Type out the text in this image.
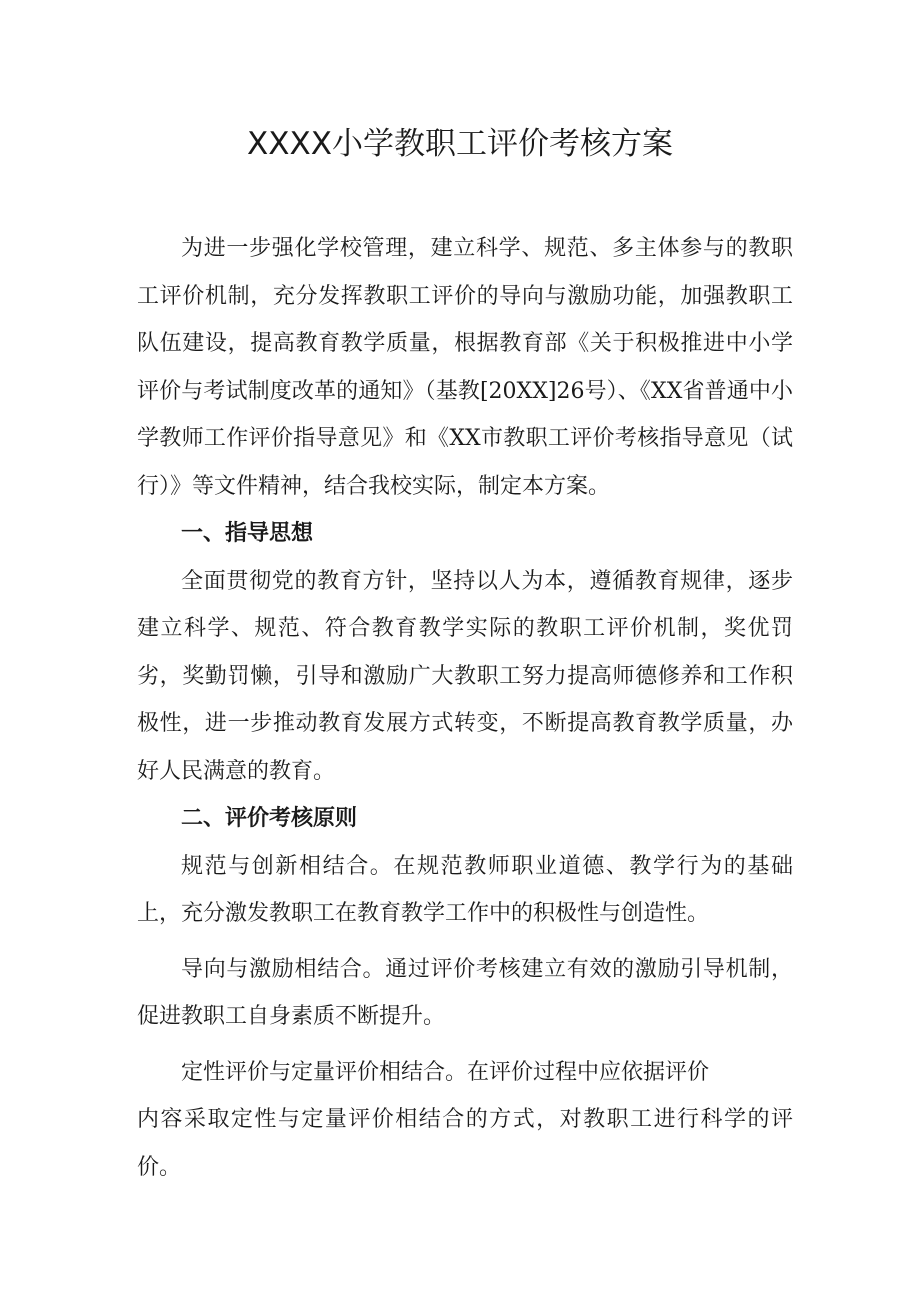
XXXX小学教职工评价考核方案

为进一步强化学校管理，建立科学、规范、多主体参与的教职工评价机制，充分发挥教职工评价的导向与激励功能，加强教职工队伍建设，提高教育教学质量，根据教育部《关于积极推进中小学评价与考试制度改革的通知》（基教[20XX]26号）、《XX省普通中小学教师工作评价指导意见》和《XX市教职工评价考核指导意见（试行）》等文件精神，结合我校实际，制定本方案。

一、指导思想

全面贯彻党的教育方针，坚持以人为本，遵循教育规律，逐步建立科学、规范、符合教育教学实际的教职工评价机制，奖优罚劣，奖勤罚懒，引导和激励广大教职工努力提高师德修养和工作积极性，进一步推动教育发展方式转变，不断提高教育教学质量，办好人民满意的教育。

二、评价考核原则

规范与创新相结合。在规范教师职业道德、教学行为的基础上，充分激发教职工在教育教学工作中的积极性与创造性。

导向与激励相结合。通过评价考核建立有效的激励引导机制，促进教职工自身素质不断提升。

定性评价与定量评价相结合。在评价过程中应依据评价

内容采取定性与定量评价相结合的方式，对教职工进行科学的评价。
